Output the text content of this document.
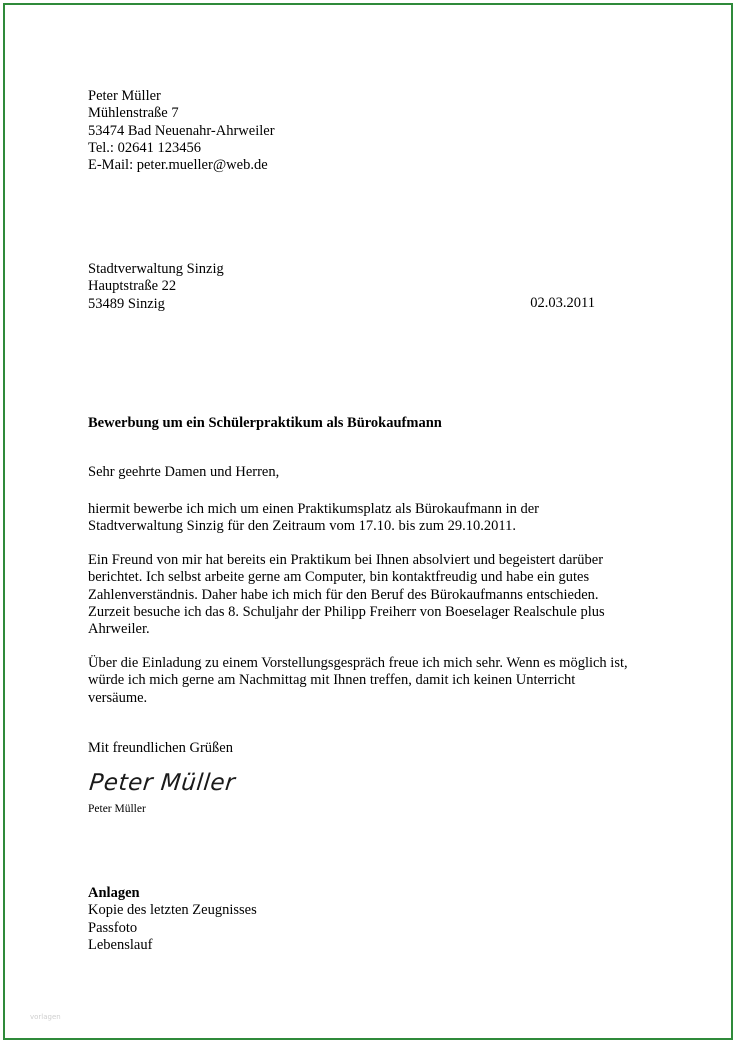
Peter Müller
Mühlenstraße 7
53474 Bad Neuenahr-Ahrweiler
Tel.: 02641 123456
E-Mail: peter.mueller@web.de
Stadtverwaltung Sinzig
Hauptstraße 22
53489 Sinzig	02.03.2011
Bewerbung um ein Schülerpraktikum als Bürokaufmann
Sehr geehrte Damen und Herren,
hiermit bewerbe ich mich um einen Praktikumsplatz als Bürokaufmann in der
Stadtverwaltung Sinzig für den Zeitraum vom 17.10. bis zum 29.10.2011.
Ein Freund von mir hat bereits ein Praktikum bei Ihnen absolviert und begeistert darüber
berichtet. Ich selbst arbeite gerne am Computer, bin kontaktfreudig und habe ein gutes
Zahlenverständnis. Daher habe ich mich für den Beruf des Bürokaufmanns entschieden.
Zurzeit besuche ich das 8. Schuljahr der Philipp Freiherr von Boeselager Realschule plus
Ahrweiler.
Über die Einladung zu einem Vorstellungsgespräch freue ich mich sehr. Wenn es möglich ist,
würde ich mich gerne am Nachmittag mit Ihnen treffen, damit ich keinen Unterricht
versäume.
Mit freundlichen Grüßen
Peter Müller
Peter Müller
Anlagen
Kopie des letzten Zeugnisses
Passfoto
Lebenslauf
vorlagen
